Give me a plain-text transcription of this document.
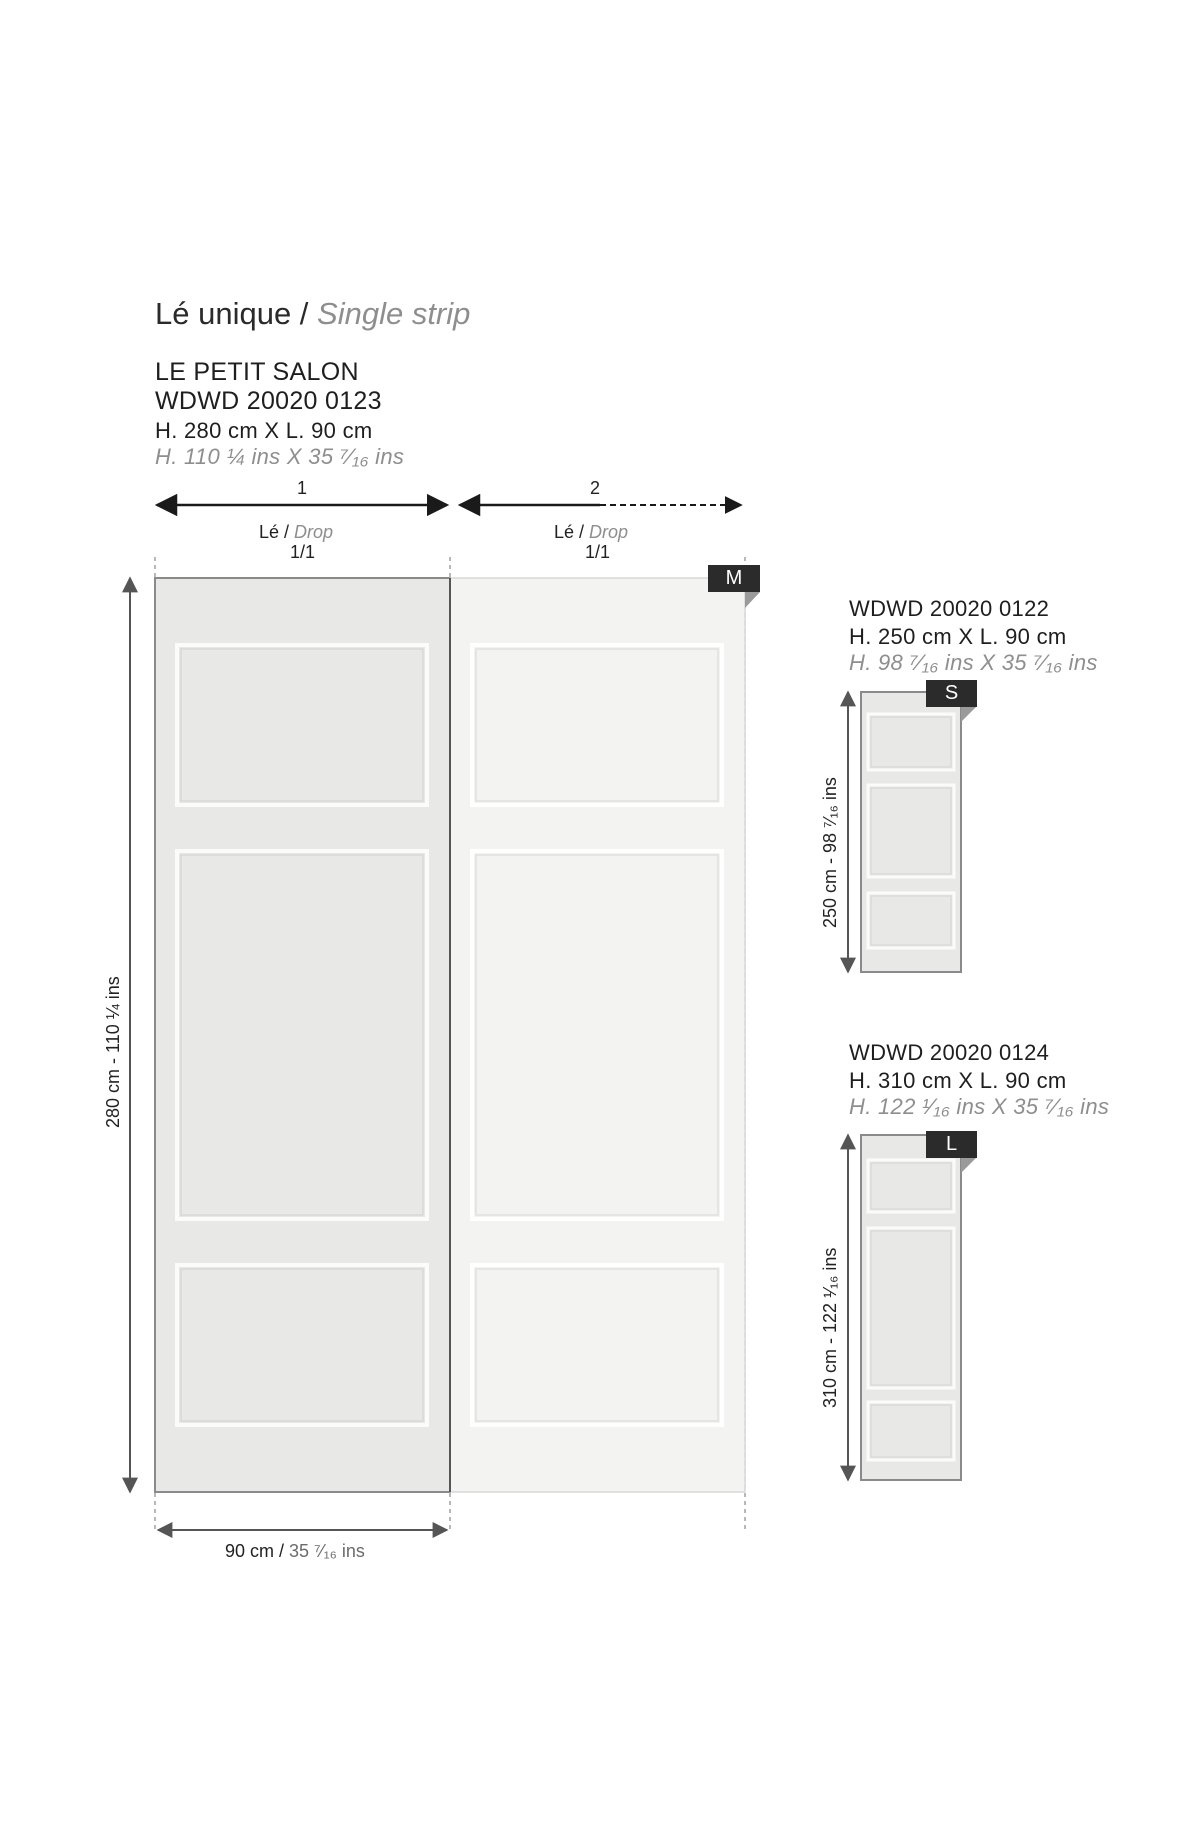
Lé unique / Single strip
LE PETIT SALON
WDWD 20020 0123
H. 280 cm X L. 90 cm
H. 110 ¼ ins X 35 ⁷⁄₁₆ ins
1	2
Lé / Drop
1/1
Lé / Drop
1/1
M
S
L
280 cm - 110 ¼ ins
90 cm / 35 ⁷⁄₁₆ ins
WDWD 20020 0122
H. 250 cm X L. 90 cm
H. 98 ⁷⁄₁₆ ins X 35 ⁷⁄₁₆ ins
250 cm - 98 ⁷⁄₁₆ ins
WDWD 20020 0124
H. 310 cm X L. 90 cm
H. 122 ¹⁄₁₆ ins X 35 ⁷⁄₁₆ ins
310 cm - 122 ¹⁄₁₆ ins
